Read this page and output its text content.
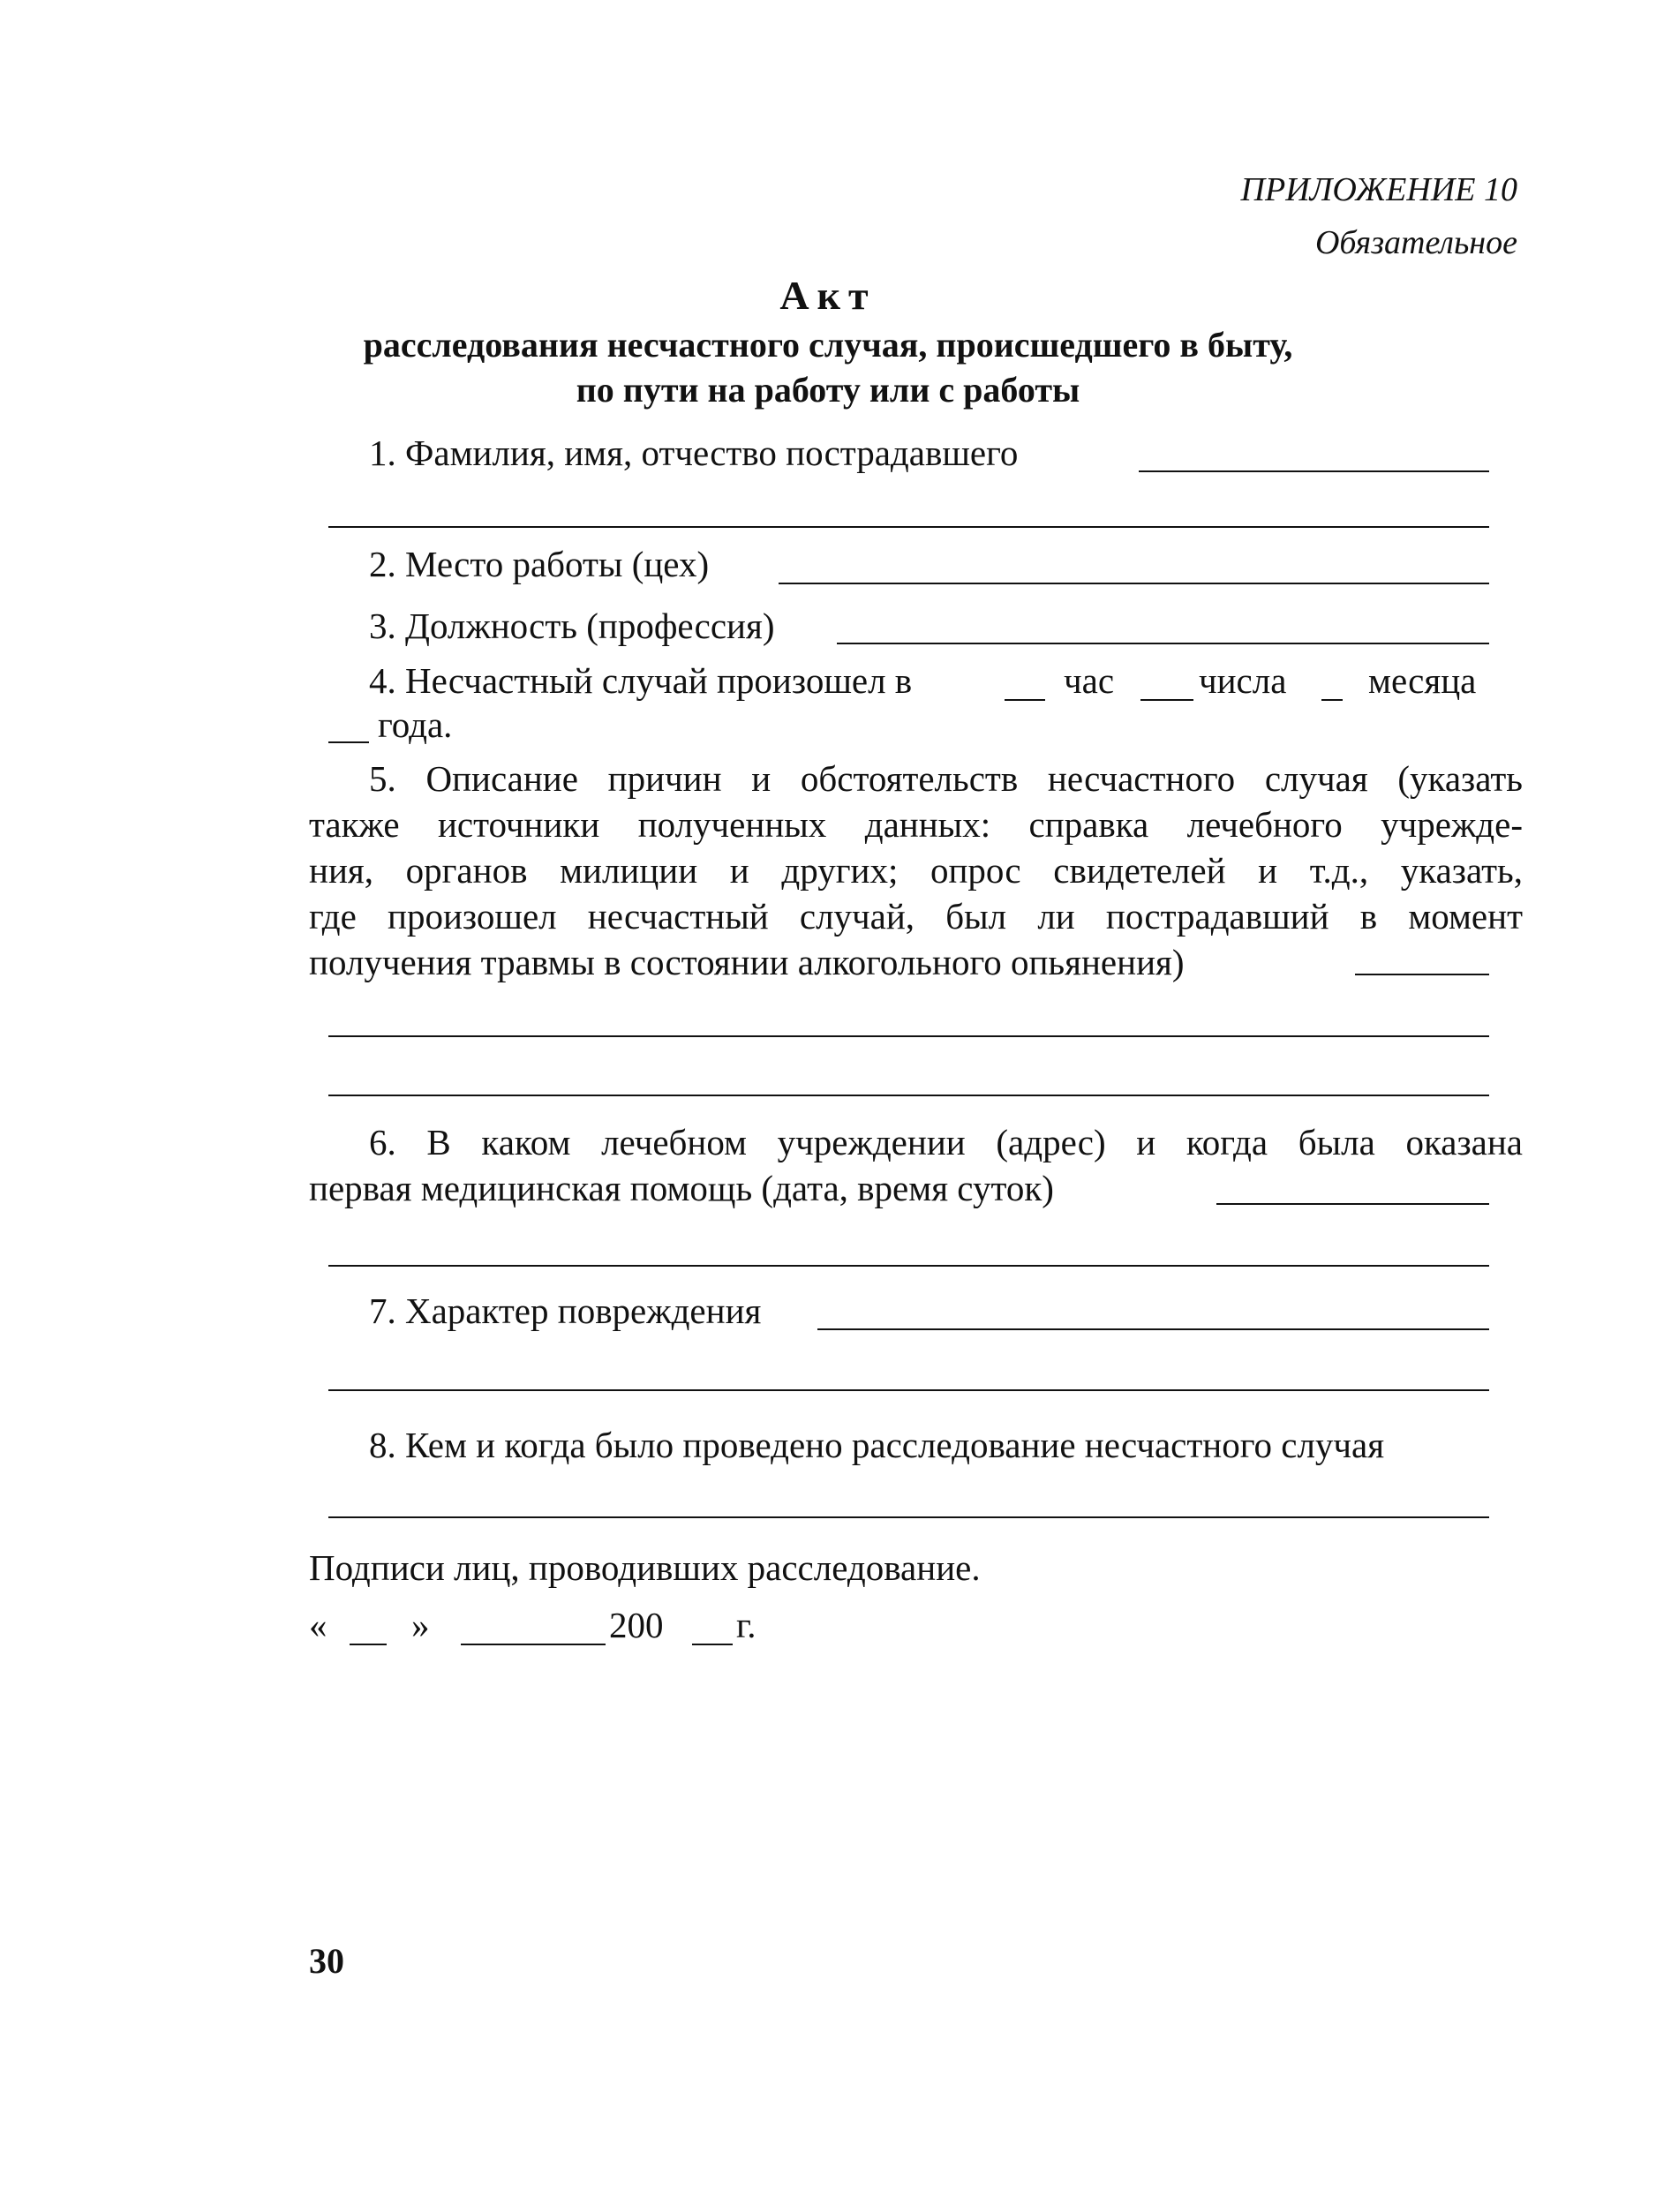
ПРИЛОЖЕНИЕ 10
Обязательное
Акт
расследования несчастного случая, происшедшего в быту,
по пути на работу или с работы
1. Фамилия, имя, отчество пострадавшего
2. Место работы (цех)
3. Должность (профессия)
4. Несчастный случай произошел в	час числа месяца
года.
5. Описание причин и обстоятельств несчастного случая (указать
также источники полученных данных: справка лечебного учрежде-
ния, органов милиции и других; опрос свидетелей и т.д., указать,
где произошел несчастный случай, был ли пострадавший в момент
получения травмы в состоянии алкогольного опьянения)
6. В каком лечебном учреждении (адрес) и когда была оказана
первая медицинская помощь (дата, время суток)
7. Характер повреждения
8. Кем и когда было проведено расследование несчастного случая
Подписи лиц, проводивших расследование.
« »	200 г.
30
